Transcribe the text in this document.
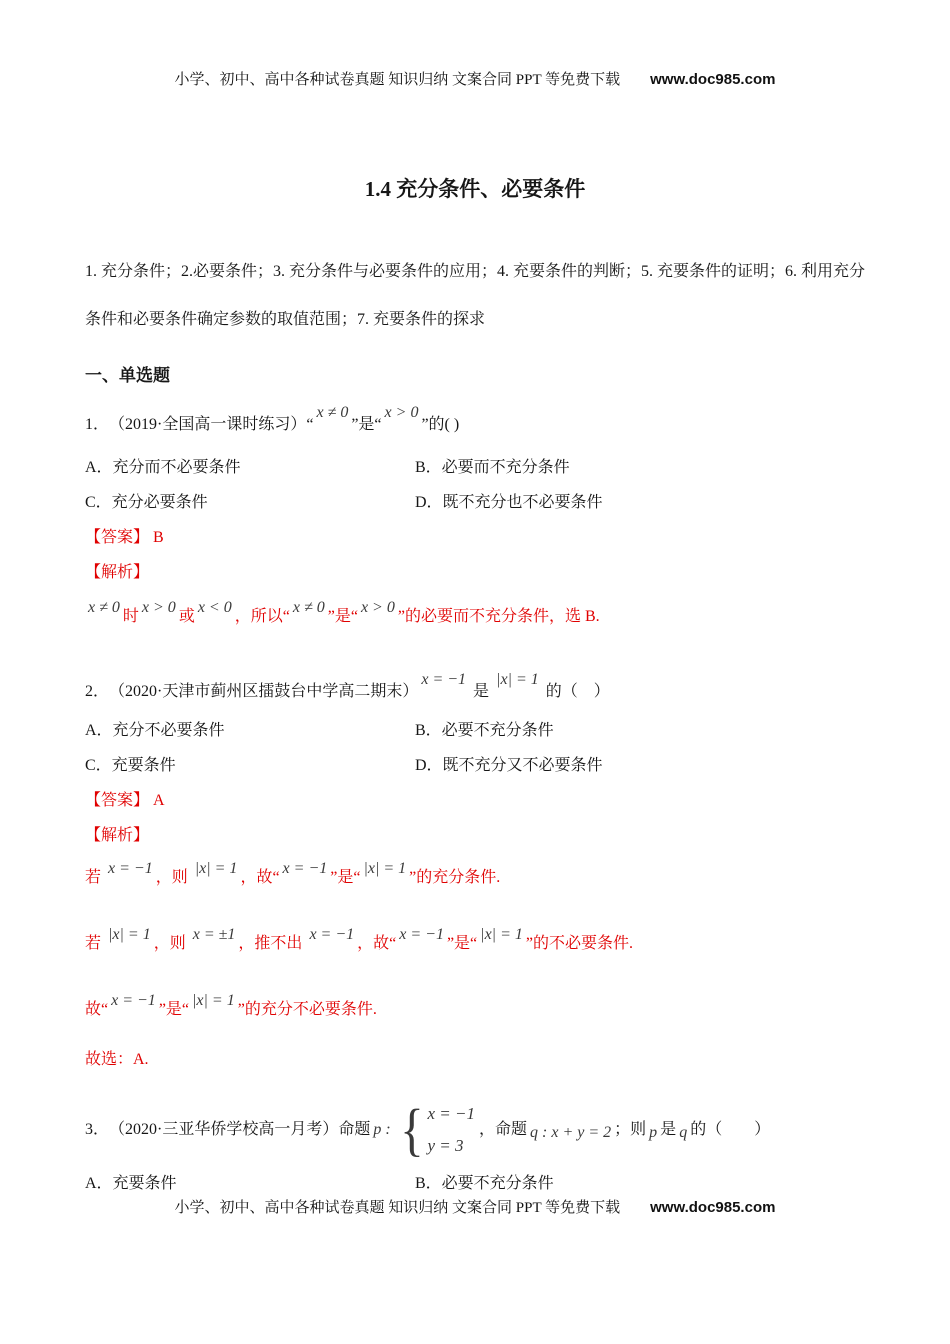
小学、初中、高中各种试卷真题 知识归纳 文案合同 PPT 等免费下载 www.doc985.com
1.4 充分条件、必要条件
1. 充分条件；2.必要条件；3. 充分条件与必要条件的应用；4. 充要条件的判断；5. 充要条件的证明；6. 利用充分条件和必要条件确定参数的取值范围；7. 充要条件的探求
一、单选题
1．　（2019·全国高一课时练习）“x ≠ 0”是“x > 0”的( )
A．充分而不必要条件	B．必要而不充分条件
C．充分必要条件	D．既不充分也不必要条件
【答案】 B
【解析】
x ≠ 0时x > 0或x < 0，所以“x ≠ 0”是“x > 0”的必要而不充分条件，选 B.
2．　（2020·天津市蓟州区擂鼓台中学高二期末）x = −1 是 |x| = 1 的（　）
A．充分不必要条件	B．必要不充分条件
C．充要条件	D．既不充分又不必要条件
【答案】 A
【解析】
若 x = −1，则 |x| = 1，故“x = −1”是“|x| = 1”的充分条件.
若 |x| = 1，则 x = ±1，推不出 x = −1，故“x = −1”是“|x| = 1”的不必要条件.
故“x = −1”是“|x| = 1”的充分不必要条件.
故选：A.
3．　（2020·三亚华侨学校高一月考）命题 p : { x = −1
y = 3
，命题 q : x + y = 2 ；则 p 是 q 的（　　）
A．充要条件	B．必要不充分条件
小学、初中、高中各种试卷真题 知识归纳 文案合同 PPT 等免费下载 www.doc985.com
